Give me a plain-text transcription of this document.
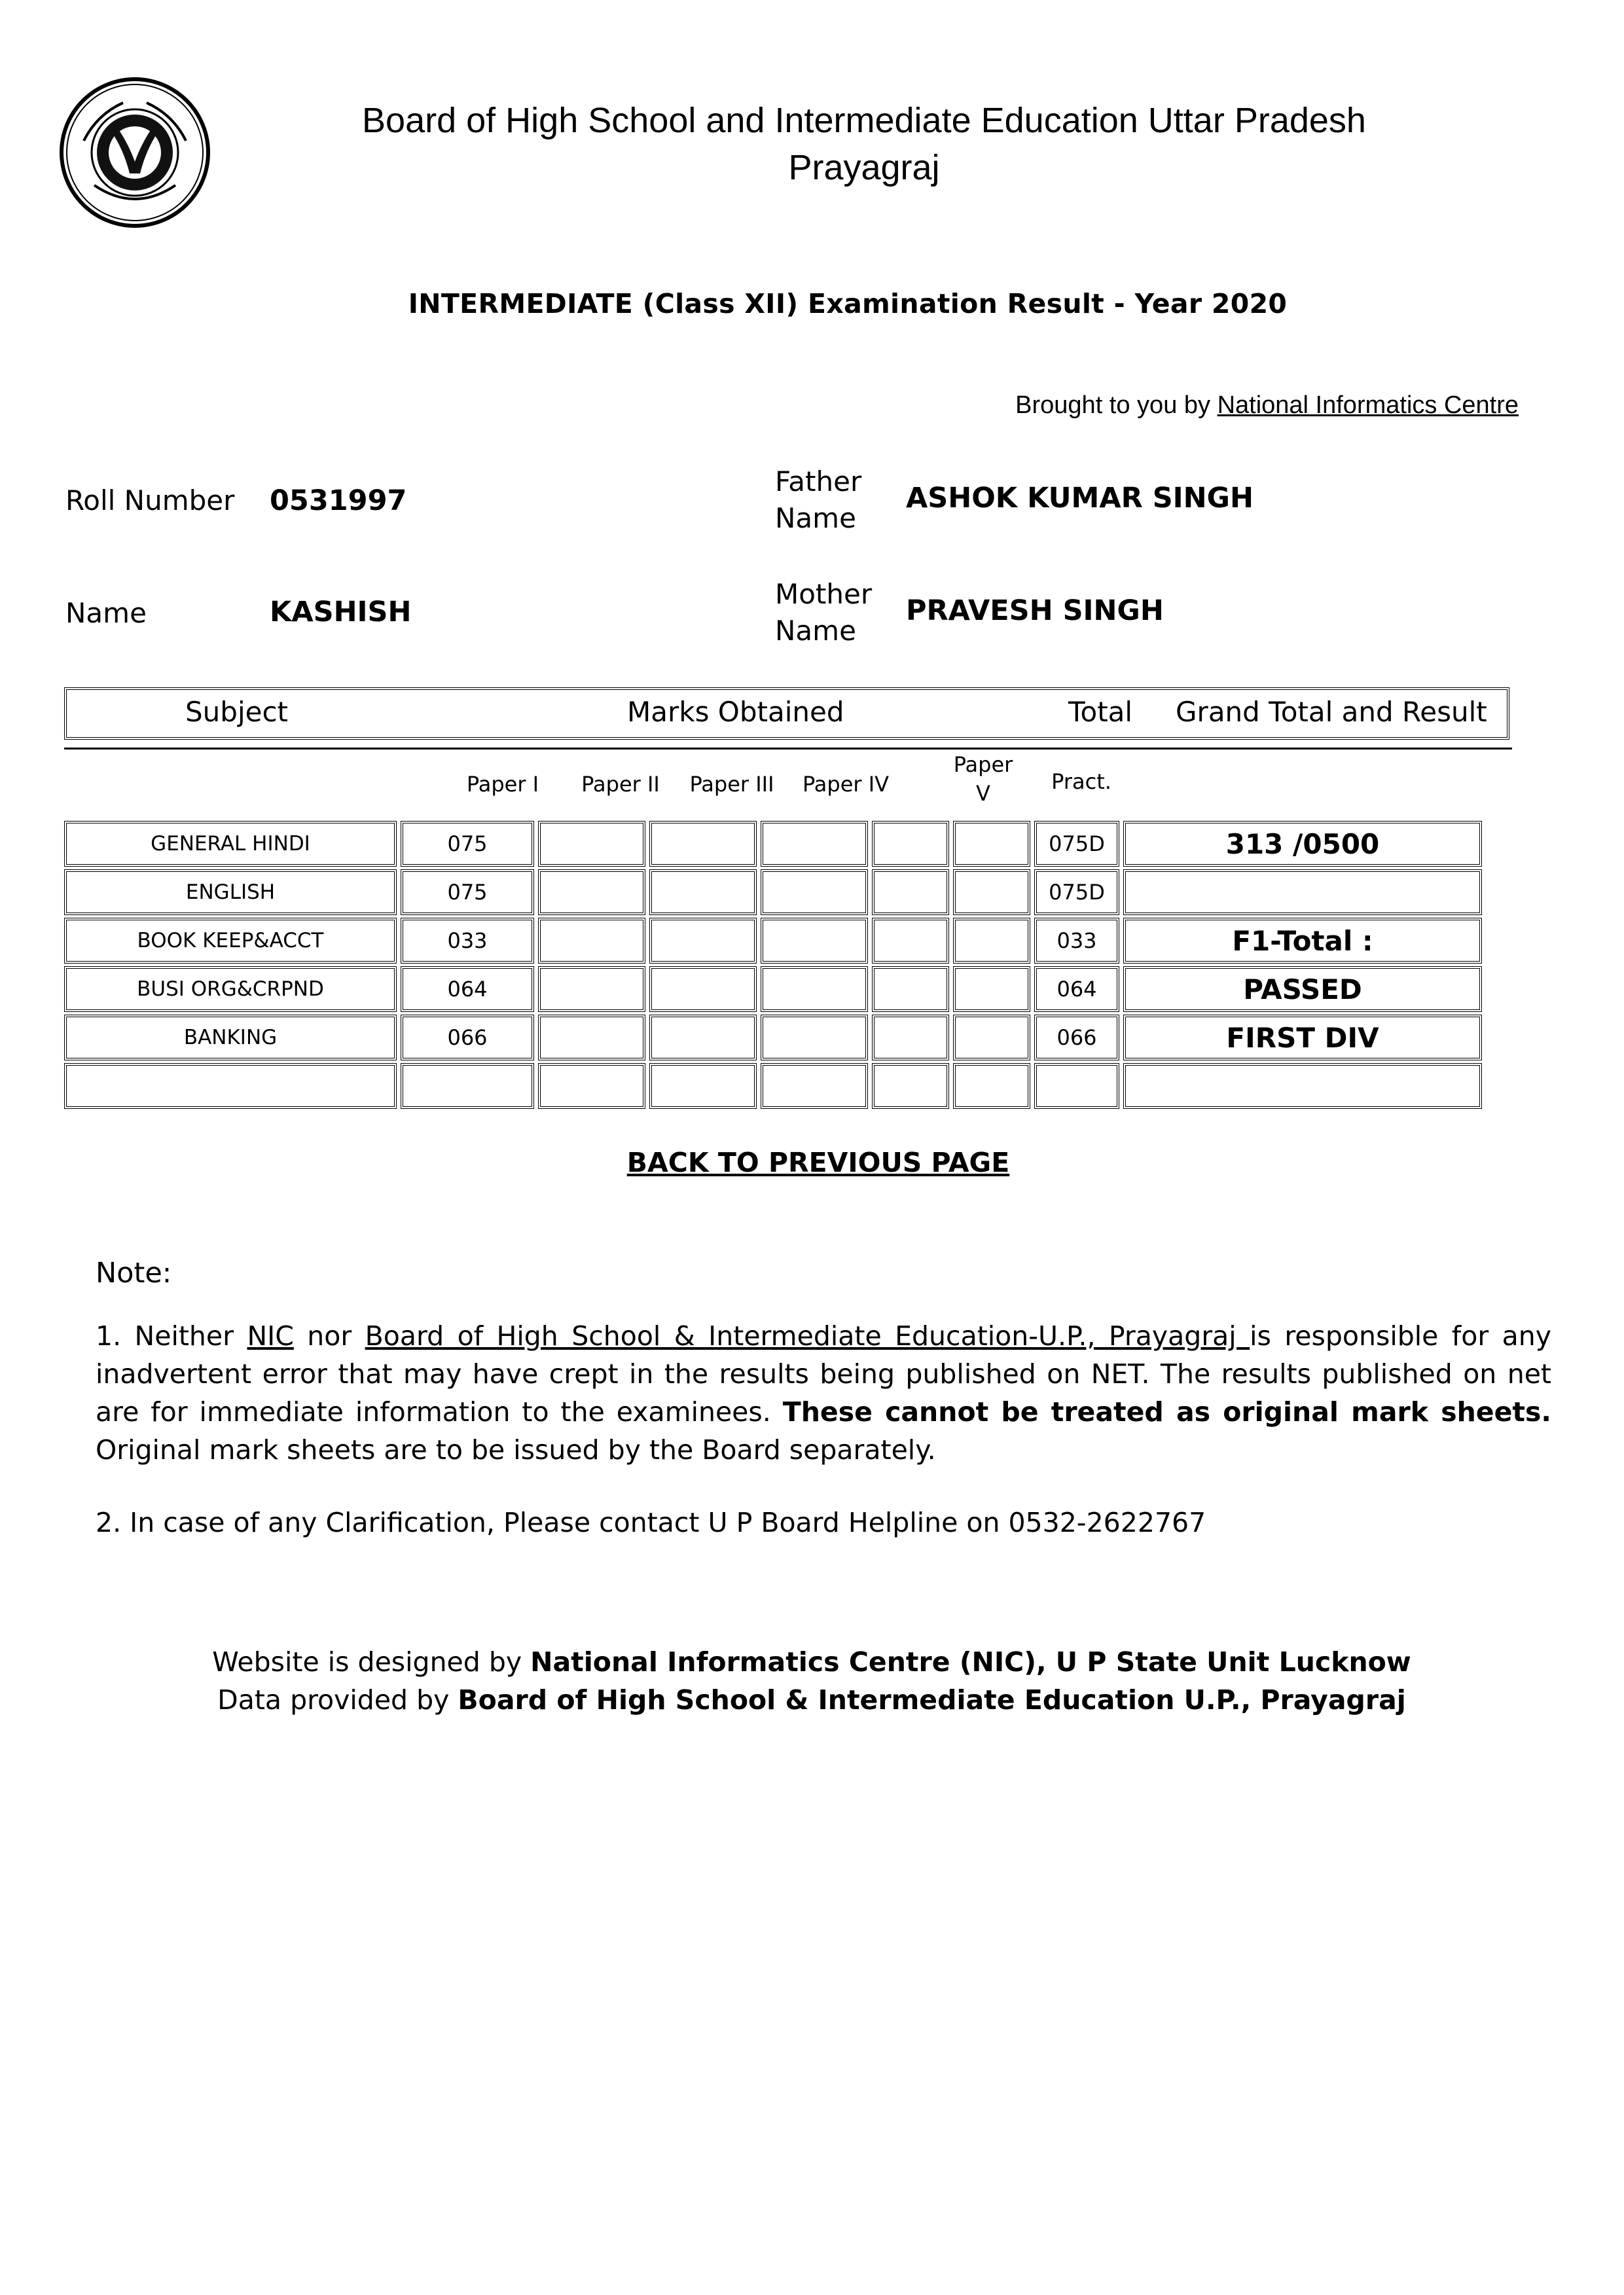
Board of High School and Intermediate Education Uttar Pradesh
Prayagraj
INTERMEDIATE (Class XII) Examination Result - Year 2020
Brought to you by National Informatics Centre
Roll Number 0531997
Name	KASHISH
Father
Name
ASHOK KUMAR SINGH
Mother
Name
PRAVESH SINGH
Subject	Marks Obtained	Total Grand Total and Result
Paper I	Paper II	Paper III	Paper IV
Paper
V	Pract.
GENERAL HINDI	075						075D	313 /0500
ENGLISH	075						075D	
BOOK KEEP&ACCT	033						033	F1-Total :
BUSI ORG&CRPND	064						064	PASSED
BANKING	066						066	FIRST DIV

BACK TO PREVIOUS PAGE
Note:
1. Neither NIC nor Board of High School & Intermediate Education-U.P., Prayagraj is responsible for any inadvertent error that may have crept in the results being published on NET. The results published on net are for immediate information to the examinees. These cannot be treated as original mark sheets. Original mark sheets are to be issued by the Board separately.
2. In case of any Clarification, Please contact U P Board Helpline on 0532-2622767
Website is designed by National Informatics Centre (NIC), U P State Unit Lucknow
Data provided by Board of High School & Intermediate Education U.P., Prayagraj
